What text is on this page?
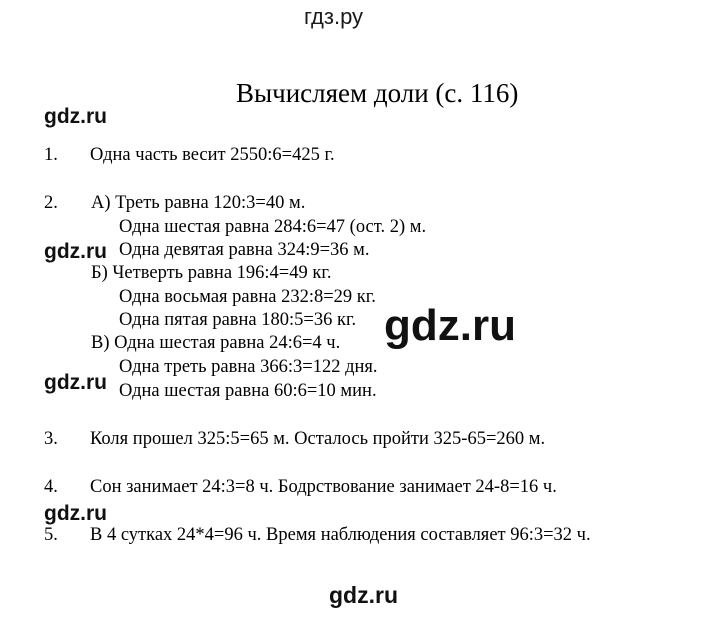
гдз.ру
Вычисляем доли (с. 116)
gdz.ru
1. Одна часть весит 2550:6=425 г.
2. А) Треть равна 120:3=40 м.
Одна шестая равна 284:6=47 (ост. 2) м.
gdz.ru Одна девятая равна 324:9=36 м.
Б) Четверть равна 196:4=49 кг.
Одна восьмая равна 232:8=29 кг.
Одна пятая равна 180:5=36 кг.
В) Одна шестая равна 24:6=4 ч.
gdz.ru
Одна треть равна 366:3=122 дня.
Одна шестая равна 60:6=10 мин.
gdz.ru
3. Коля прошел 325:5=65 м. Осталось пройти 325-65=260 м.
4. Сон занимает 24:3=8 ч. Бодрствование занимает 24-8=16 ч.
gdz.ru
5. В 4 сутках 24*4=96 ч. Время наблюдения составляет 96:3=32 ч.
gdz.ru
